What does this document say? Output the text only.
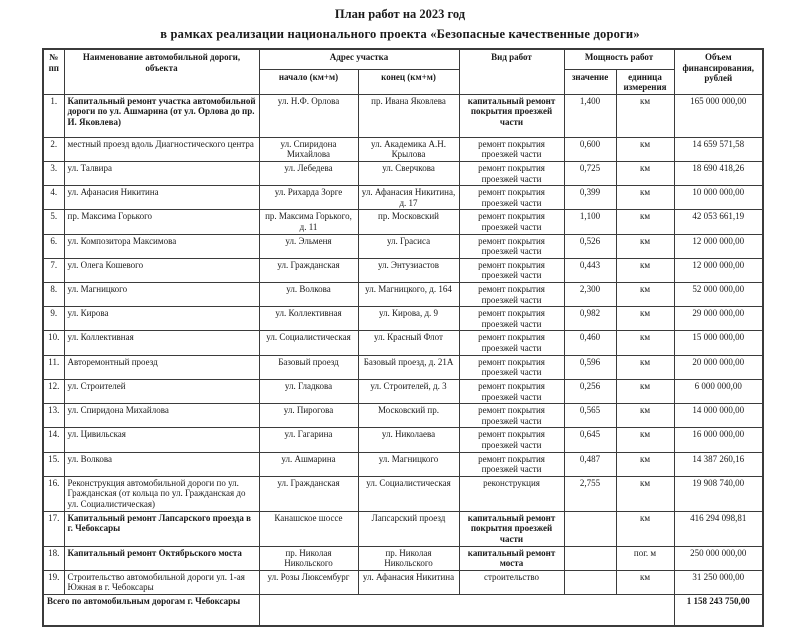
План работ на 2023 год
в рамках реализации национального проекта «Безопасные качественные дороги»
№ пп	Наименование автомобильной дороги, объекта	Адрес участка		Вид работ	Мощность работ		Объем финансирования, рублей
		начало (км+м)	конец (км+м)		значение	единица измерения	
1.	Капитальный ремонт участка автомобильной дороги по ул. Ашмарина (от ул. Орлова до пр. И. Яковлева)	ул. Н.Ф. Орлова	пр. Ивана Яковлева	капитальный ремонт покрытия проезжей части	1,400	км	165 000 000,00
2.	местный проезд вдоль Диагностического центра	ул. Спиридона Михайлова	ул. Академика А.Н. Крылова	ремонт покрытия проезжей части	0,600	км	14 659 571,58
3.	ул. Талвира	ул. Лебедева	ул. Сверчкова	ремонт покрытия проезжей части	0,725	км	18 690 418,26
4.	ул. Афанасия Никитина	ул. Рихарда Зорге	ул. Афанасия Никитина, д. 17	ремонт покрытия проезжей части	0,399	км	10 000 000,00
5.	пр. Максима Горького	пр. Максима Горького, д. 11	пр. Московский	ремонт покрытия проезжей части	1,100	км	42 053 661,19
6.	ул. Композитора Максимова	ул. Эльменя	ул. Грасиса	ремонт покрытия проезжей части	0,526	км	12 000 000,00
7.	ул. Олега Кошевого	ул. Гражданская	ул. Энтузиастов	ремонт покрытия проезжей части	0,443	км	12 000 000,00
8.	ул. Магницкого	ул. Волкова	ул. Магницкого, д. 164	ремонт покрытия проезжей части	2,300	км	52 000 000,00
9.	ул. Кирова	ул. Коллективная	ул. Кирова, д. 9	ремонт покрытия проезжей части	0,982	км	29 000 000,00
10.	ул. Коллективная	ул. Социалистическая	ул. Красный Флот	ремонт покрытия проезжей части	0,460	км	15 000 000,00
11.	Авторемонтный проезд	Базовый проезд	Базовый проезд, д. 21А	ремонт покрытия проезжей части	0,596	км	20 000 000,00
12.	ул. Строителей	ул. Гладкова	ул. Строителей, д. 3	ремонт покрытия проезжей части	0,256	км	6 000 000,00
13.	ул. Спиридона Михайлова	ул. Пирогова	Московский пр.	ремонт покрытия проезжей части	0,565	км	14 000 000,00
14.	ул. Цивильская	ул. Гагарина	ул. Николаева	ремонт покрытия проезжей части	0,645	км	16 000 000,00
15.	ул. Волкова	ул. Ашмарина	ул. Магницкого	ремонт покрытия проезжей части	0,487	км	14 387 260,16
16.	Реконструкция автомобильной дороги по ул. Гражданская (от кольца по ул. Гражданская до ул. Социалистическая)	ул. Гражданская	ул. Социалистическая	реконструкция	2,755	км	19 908 740,00
17.	Капитальный ремонт Лапсарского проезда в г. Чебоксары	Канашское шоссе	Лапсарский проезд	капитальный ремонт покрытия проезжей части		км	416 294 098,81
18.	Капитальный ремонт Октябрьского моста	пр. Николая Никольского	пр. Николая Никольского	капитальный ремонт моста		пог. м	250 000 000,00
19.	Строительство автомобильной дороги ул. 1-ая Южная в г. Чебоксары	ул. Розы Люксембург	ул. Афанасия Никитина	строительство		км	31 250 000,00
Всего по автомобильным дорогам г. Чебоксары							1 158 243 750,00
